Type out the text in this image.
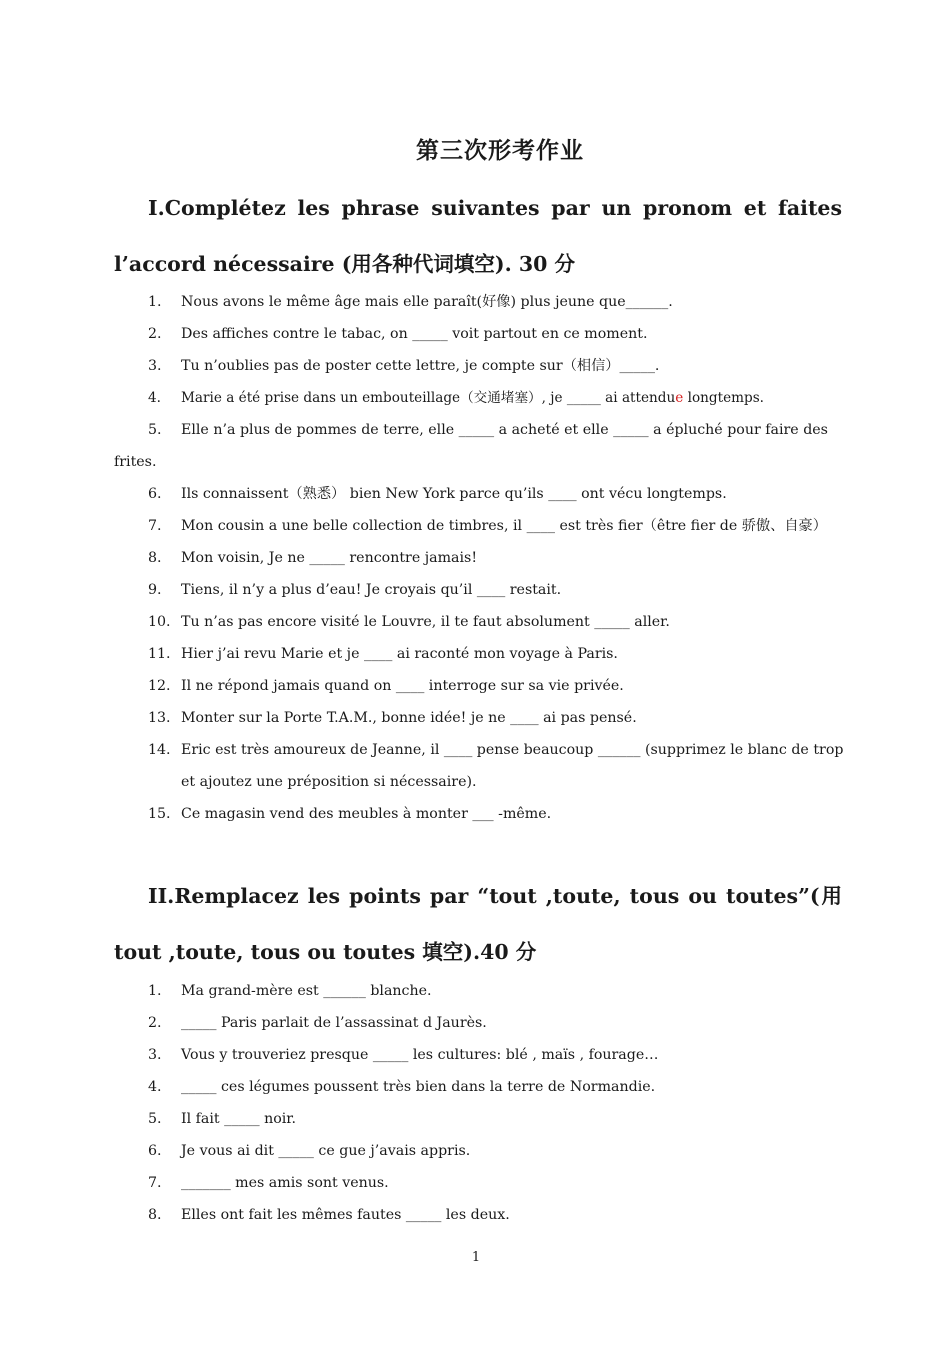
第三次形考作业
I.Complétez les phrase suivantes par un pronom et faites
l’accord nécessaire (用各种代词填空). 30 分
1. Nous avons le même âge mais elle paraît(好像) plus jeune que______.
2. Des affiches contre le tabac, on _____ voit partout en ce moment.
3. Tu n’oublies pas de poster cette lettre, je compte sur（相信）_____.
4. Marie a été prise dans un embouteillage（交通堵塞）, je _____ ai attendue longtemps.
5. Elle n’a plus de pommes de terre, elle _____ a acheté et elle _____ a épluché pour faire des frites.
6. Ils connaissent（熟悉） bien New York parce qu’ils ____ ont vécu longtemps.
7. Mon cousin a une belle collection de timbres, il ____ est très fier（être fier de 骄傲、自豪）
8. Mon voisin, Je ne _____ rencontre jamais!
9. Tiens, il n’y a plus d’eau! Je croyais qu’il ____ restait.
10. Tu n’as pas encore visité le Louvre, il te faut absolument _____ aller.
11. Hier j’ai revu Marie et je ____ ai raconté mon voyage à Paris.
12. Il ne répond jamais quand on ____ interroge sur sa vie privée.
13. Monter sur la Porte T.A.M., bonne idée! je ne ____ ai pas pensé.
14. Eric est très amoureux de Jeanne, il ____ pense beaucoup ______ (supprimez le blanc de trop et ajoutez une préposition si nécessaire).
15. Ce magasin vend des meubles à monter ___ -même.
II.Remplacez les points par “tout ,toute, tous ou toutes”(用
tout ,toute, tous ou toutes 填空).40 分
1. Ma grand-mère est ______ blanche.
2. _____ Paris parlait de l’assassinat d Jaurès.
3. Vous y trouveriez presque _____ les cultures: blé , maïs , fourage…
4. _____ ces légumes poussent très bien dans la terre de Normandie.
5. Il fait _____ noir.
6. Je vous ai dit _____ ce gue j’avais appris.
7. _______ mes amis sont venus.
8. Elles ont fait les mêmes fautes _____ les deux.
1
